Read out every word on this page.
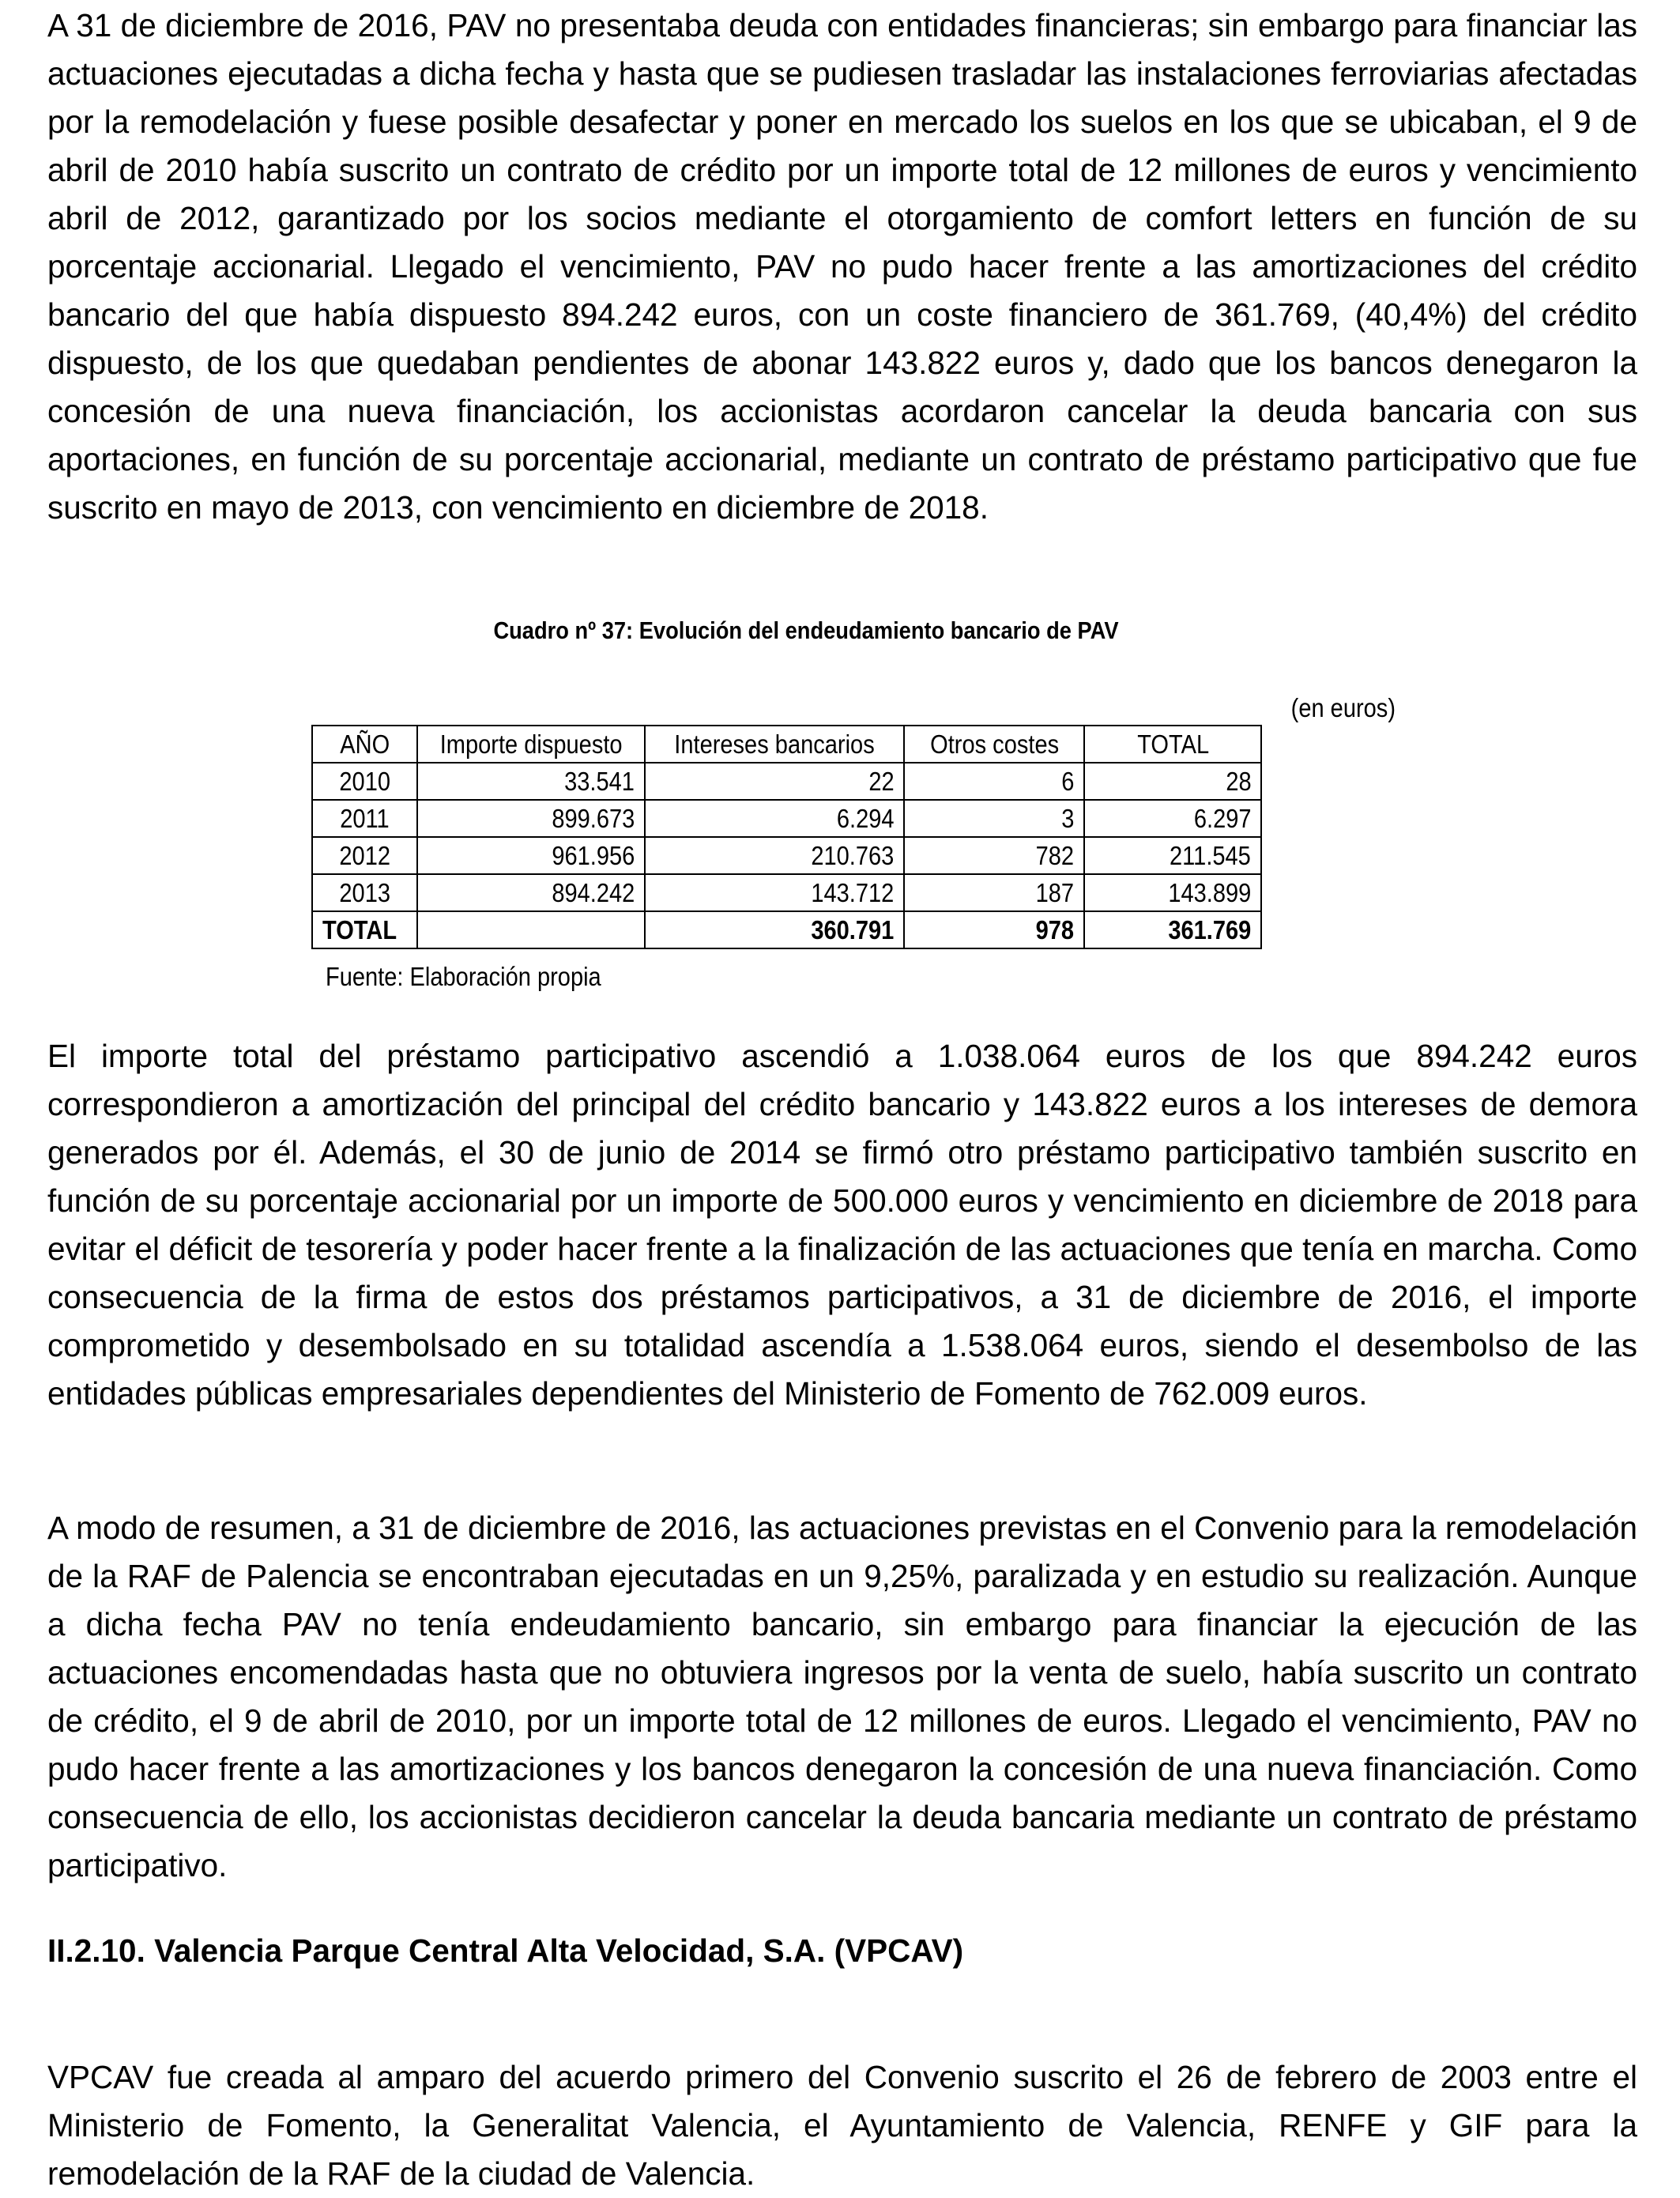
A 31 de diciembre de 2016, PAV no presentaba deuda con entidades financieras; sin embargo para financiar las actuaciones ejecutadas a dicha fecha y hasta que se pudiesen trasladar las instalaciones ferroviarias afectadas por la remodelación y fuese posible desafectar y poner en mercado los suelos en los que se ubicaban, el 9 de abril de 2010 había suscrito un contrato de crédito por un importe total de 12 millones de euros y vencimiento abril de 2012, garantizado por los socios mediante el otorgamiento de comfort letters en función de su porcentaje accionarial. Llegado el vencimiento, PAV no pudo hacer frente a las amortizaciones del crédito bancario del que había dispuesto 894.242 euros, con un coste financiero de 361.769, (40,4%) del crédito dispuesto, de los que quedaban pendientes de abonar 143.822 euros y, dado que los bancos denegaron la concesión de una nueva financiación, los accionistas acordaron cancelar la deuda bancaria con sus aportaciones, en función de su porcentaje accionarial, mediante un contrato de préstamo participativo que fue suscrito en mayo de 2013, con vencimiento en diciembre de 2018.

Cuadro nº 37: Evolución del endeudamiento bancario de PAV
(en euros)
AÑO	Importe dispuesto	Intereses bancarios	Otros costes	TOTAL
2010	33.541	22	6	28
2011	899.673	6.294	3	6.297
2012	961.956	210.763	782	211.545
2013	894.242	143.712	187	143.899
TOTAL		360.791	978	361.769
Fuente: Elaboración propia

El importe total del préstamo participativo ascendió a 1.038.064 euros de los que 894.242 euros correspondieron a amortización del principal del crédito bancario y 143.822 euros a los intereses de demora generados por él. Además, el 30 de junio de 2014 se firmó otro préstamo participativo también suscrito en función de su porcentaje accionarial por un importe de 500.000 euros y vencimiento en diciembre de 2018 para evitar el déficit de tesorería y poder hacer frente a la finalización de las actuaciones que tenía en marcha. Como consecuencia de la firma de estos dos préstamos participativos, a 31 de diciembre de 2016, el importe comprometido y desembolsado en su totalidad ascendía a 1.538.064 euros, siendo el desembolso de las entidades públicas empresariales dependientes del Ministerio de Fomento de 762.009 euros.

A modo de resumen, a 31 de diciembre de 2016, las actuaciones previstas en el Convenio para la remodelación de la RAF de Palencia se encontraban ejecutadas en un 9,25%, paralizada y en estudio su realización. Aunque a dicha fecha PAV no tenía endeudamiento bancario, sin embargo para financiar la ejecución de las actuaciones encomendadas hasta que no obtuviera ingresos por la venta de suelo, había suscrito un contrato de crédito, el 9 de abril de 2010, por un importe total de 12 millones de euros. Llegado el vencimiento, PAV no pudo hacer frente a las amortizaciones y los bancos denegaron la concesión de una nueva financiación. Como consecuencia de ello, los accionistas decidieron cancelar la deuda bancaria mediante un contrato de préstamo participativo.

II.2.10. Valencia Parque Central Alta Velocidad, S.A. (VPCAV)

VPCAV fue creada al amparo del acuerdo primero del Convenio suscrito el 26 de febrero de 2003 entre el Ministerio de Fomento, la Generalitat Valencia, el Ayuntamiento de Valencia, RENFE y GIF para la remodelación de la RAF de la ciudad de Valencia.
